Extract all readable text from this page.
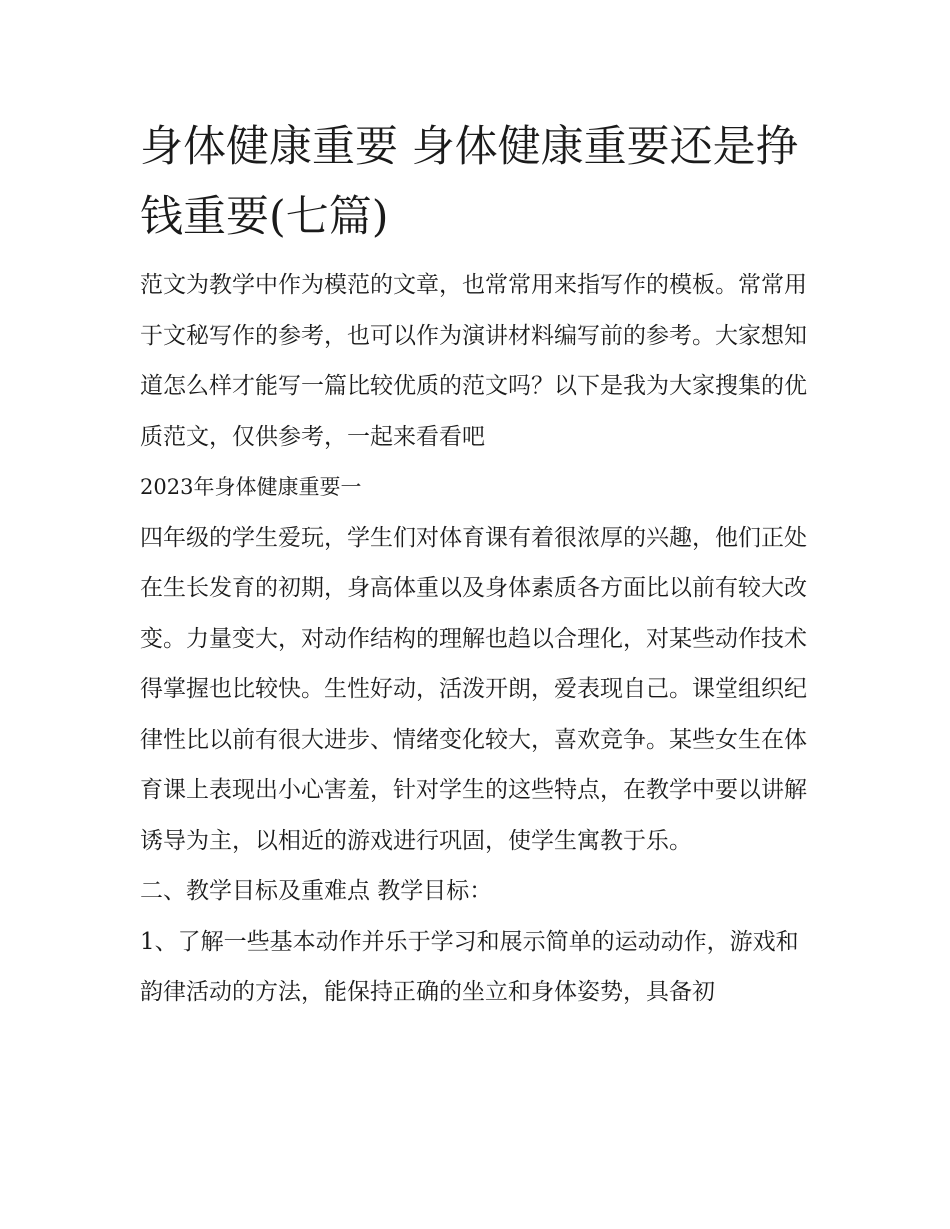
身体健康重要 身体健康重要还是挣钱重要(七篇)

范文为教学中作为模范的文章，也常常用来指写作的模板。常常用于文秘写作的参考，也可以作为演讲材料编写前的参考。大家想知道怎么样才能写一篇比较优质的范文吗？以下是我为大家搜集的优质范文，仅供参考，一起来看看吧

2023年身体健康重要一

四年级的学生爱玩，学生们对体育课有着很浓厚的兴趣，他们正处在生长发育的初期，身高体重以及身体素质各方面比以前有较大改变。力量变大，对动作结构的理解也趋以合理化，对某些动作技术得掌握也比较快。生性好动，活泼开朗，爱表现自己。课堂组织纪律性比以前有很大进步、情绪变化较大，喜欢竞争。某些女生在体育课上表现出小心害羞，针对学生的这些特点，在教学中要以讲解诱导为主，以相近的游戏进行巩固，使学生寓教于乐。

二、教学目标及重难点 教学目标：

1、了解一些基本动作并乐于学习和展示简单的运动动作，游戏和韵律活动的方法，能保持正确的坐立和身体姿势，具备初
